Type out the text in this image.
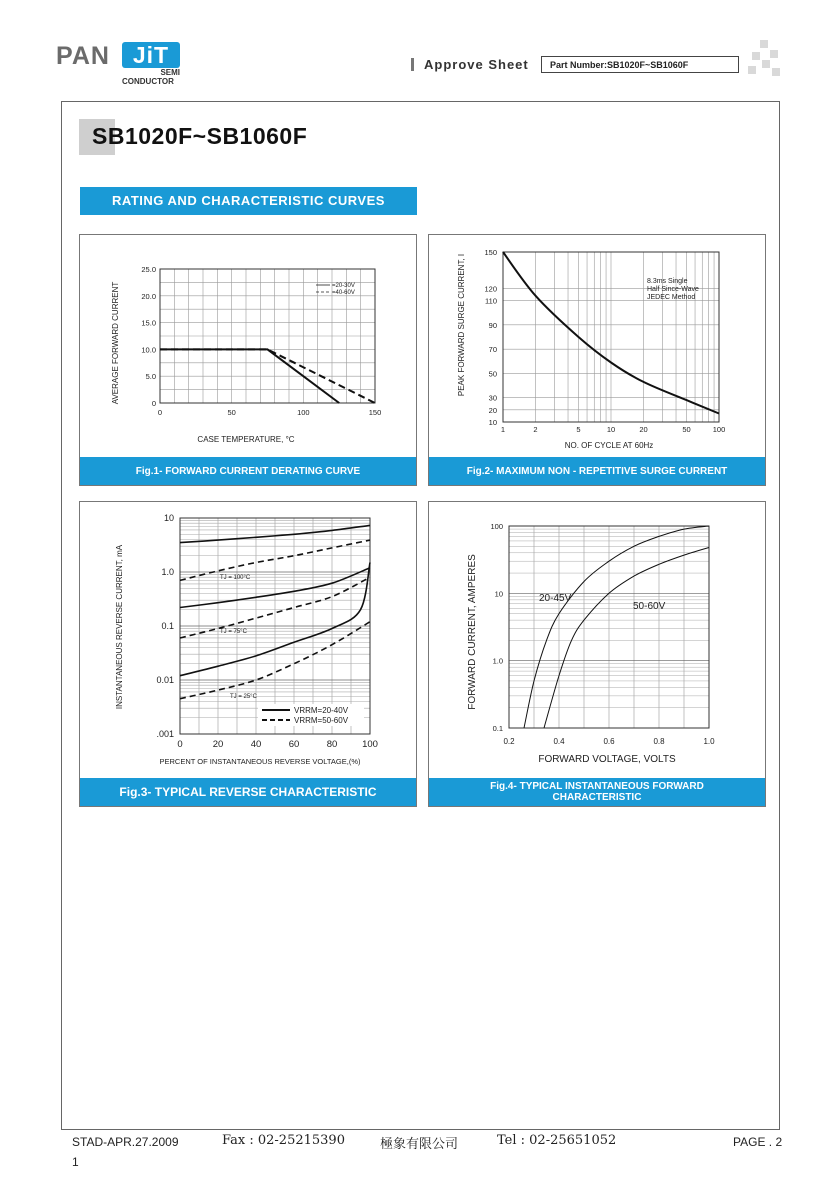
PAN JiT
SEMI
CONDUCTOR
Approve Sheet	Part Number:SB1020F~SB1060F
SB1020F~SB1060F
RATING AND CHARACTERISTIC CURVES
0	50	100	150
0
5.0
10.0
15.0
20.0
25.0
=20-30V
=40-60V
AVERAGE FORWARD CURRENT
CASE TEMPERATURE, °C
Fig.1- FORWARD CURRENT DERATING CURVE
1	2	5	10	20	50	100
10
20
30
50
70
90
110
120
150
8.3ms Single
Half Since-Wave
JEDEC Method
PEAK FORWARD SURGE CURRENT, I
NO. OF CYCLE AT 60Hz
Fig.2- MAXIMUM NON - REPETITIVE SURGE CURRENT
0	20	40	60	80	100
.001
0.01
0.1
1.0
10
TJ = 100°C
TJ = 75°C
TJ = 25°C
VRRM=20-40V
VRRM=50-60V
INSTANTANEOUS REVERSE CURRENT, mA
PERCENT OF INSTANTANEOUS REVERSE VOLTAGE,(%)
Fig.3- TYPICAL REVERSE CHARACTERISTIC
0.2	0.4	0.6	0.8	1.0
0.1
1.0
10
100
20-45V
50-60V
FORWARD CURRENT, AMPERES
FORWARD VOLTAGE, VOLTS
Fig.4- TYPICAL INSTANTANEOUS FORWARD
CHARACTERISTIC
STAD-APR.27.2009	Fax : 02-25215390	極象有限公司	Tel : 02-25651052	PAGE . 2
1
